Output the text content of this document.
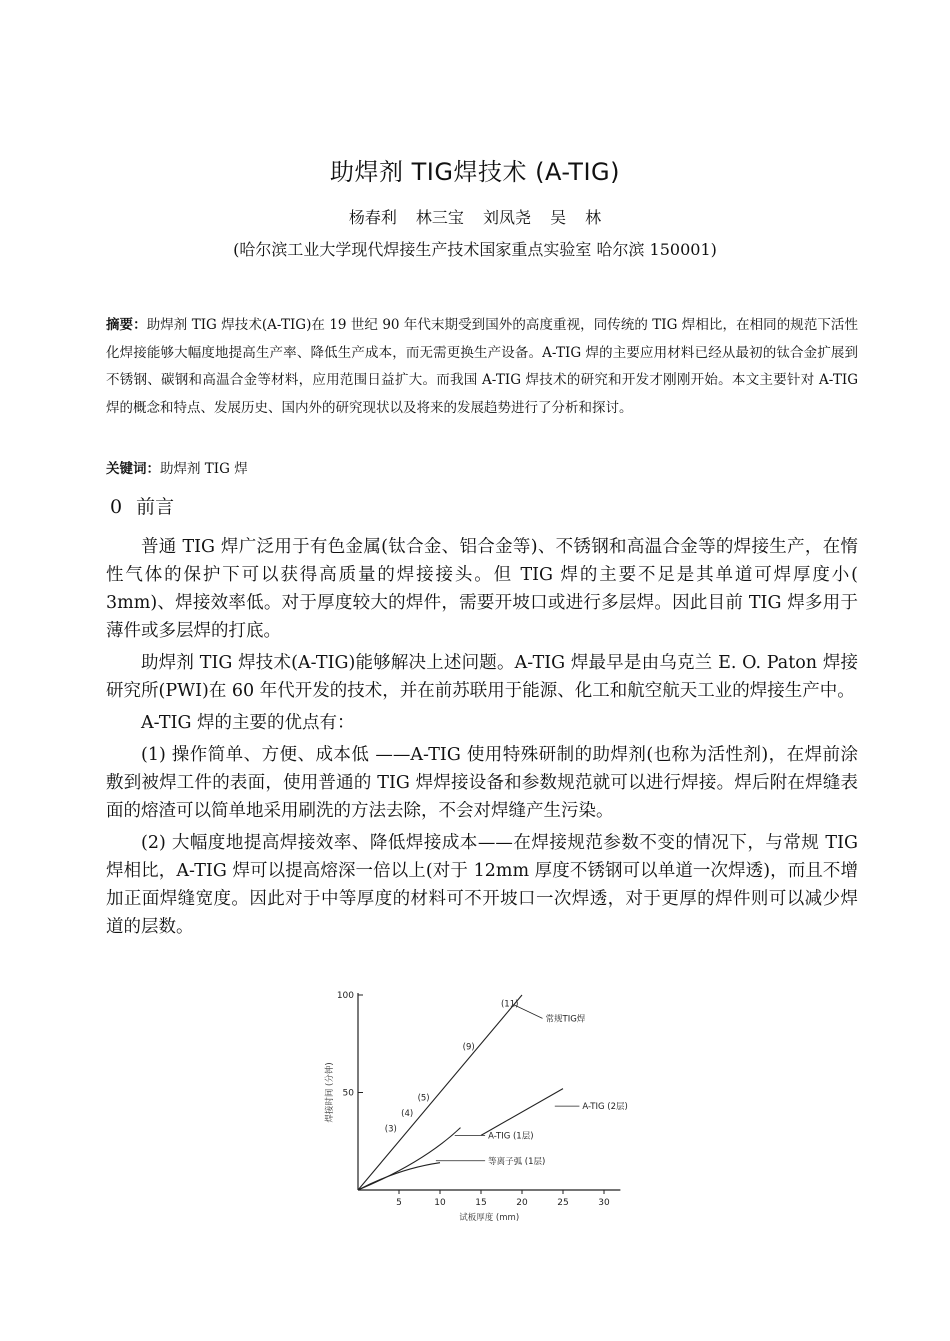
助焊剂 TIG焊技术 (A-TIG)
杨春利 林三宝 刘凤尧 吴 林
(哈尔滨工业大学现代焊接生产技术国家重点实验室 哈尔滨 150001)
摘要：助焊剂 TIG 焊技术(A-TIG)在 19 世纪 90 年代末期受到国外的高度重视，同传统的 TIG 焊相比，在相同的规范下活性化焊接能够大幅度地提高生产率、降低生产成本，而无需更换生产设备。A-TIG 焊的主要应用材料已经从最初的钛合金扩展到不锈钢、碳钢和高温合金等材料，应用范围日益扩大。而我国 A-TIG 焊技术的研究和开发才刚刚开始。本文主要针对 A-TIG 焊的概念和特点、发展历史、国内外的研究现状以及将来的发展趋势进行了分析和探讨。
关键词：助焊剂 TIG 焊
0 前言

普通 TIG 焊广泛用于有色金属(钛合金、铝合金等)、不锈钢和高温合金等的焊接生产，在惰性气体的保护下可以获得高质量的焊接接头。但 TIG 焊的主要不足是其单道可焊厚度小( 3mm)、焊接效率低。对于厚度较大的焊件，需要开坡口或进行多层焊。因此目前 TIG 焊多用于薄件或多层焊的打底。

助焊剂 TIG 焊技术(A-TIG)能够解决上述问题。A-TIG 焊最早是由乌克兰 E. O. Paton 焊接研究所(PWI)在 60 年代开发的技术，并在前苏联用于能源、化工和航空航天工业的焊接生产中。

A-TIG 焊的主要的优点有：

(1) 操作简单、方便、成本低 ——A-TIG 使用特殊研制的助焊剂(也称为活性剂)，在焊前涂敷到被焊工件的表面，使用普通的 TIG 焊焊接设备和参数规范就可以进行焊接。焊后附在焊缝表面的熔渣可以简单地采用刷洗的方法去除，不会对焊缝产生污染。

(2) 大幅度地提高焊接效率、降低焊接成本——在焊接规范参数不变的情况下，与常规 TIG 焊相比，A-TIG 焊可以提高熔深一倍以上(对于 12mm 厚度不锈钢可以单道一次焊透)，而且不增加正面焊缝宽度。因此对于中等厚度的材料可不开坡口一次焊透，对于更厚的焊件则可以减少焊道的层数。

5	10	15	20	25	30
100
50
试板厚度 (mm)
焊接时间 (分钟)
常规TIG焊
A-TIG (2层)
A-TIG (1层)
等离子弧 (1层)
(3)
(4)
(5)
(9)
(11)
